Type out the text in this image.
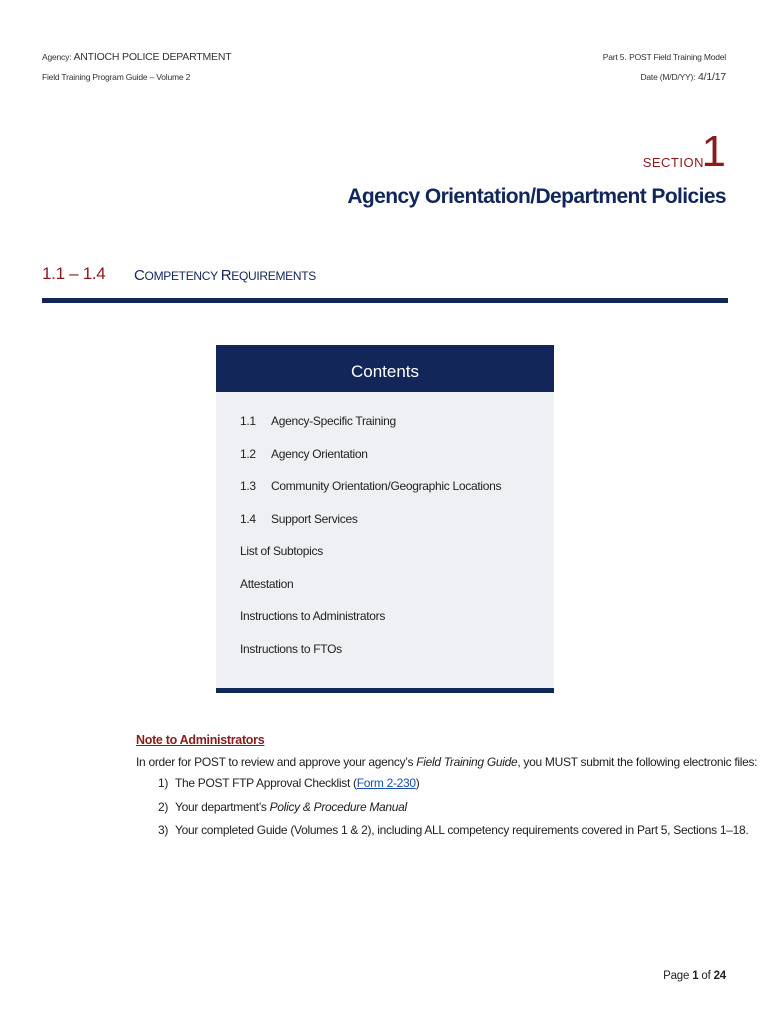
Agency: ANTIOCH POLICE DEPARTMENT
Field Training Program Guide – Volume 2
Part 5. POST Field Training Model
Date (M/D/YY): 4/1/17
SECTION
1
Agency Orientation/Department Policies
1.1 – 1.4 COMPETENCY REQUIREMENTS
Contents
1.1 Agency-Specific Training
1.2 Agency Orientation
1.3 Community Orientation/Geographic Locations
1.4 Support Services
List of Subtopics
Attestation
Instructions to Administrators
Instructions to FTOs
Note to Administrators
In order for POST to review and approve your agency’s Field Training Guide, you MUST submit the following electronic files:
1) The POST FTP Approval Checklist (Form 2-230)
2) Your department’s Policy & Procedure Manual
3) Your completed Guide (Volumes 1 & 2), including ALL competency requirements covered in Part 5, Sections 1–18.
Page 1 of 24
